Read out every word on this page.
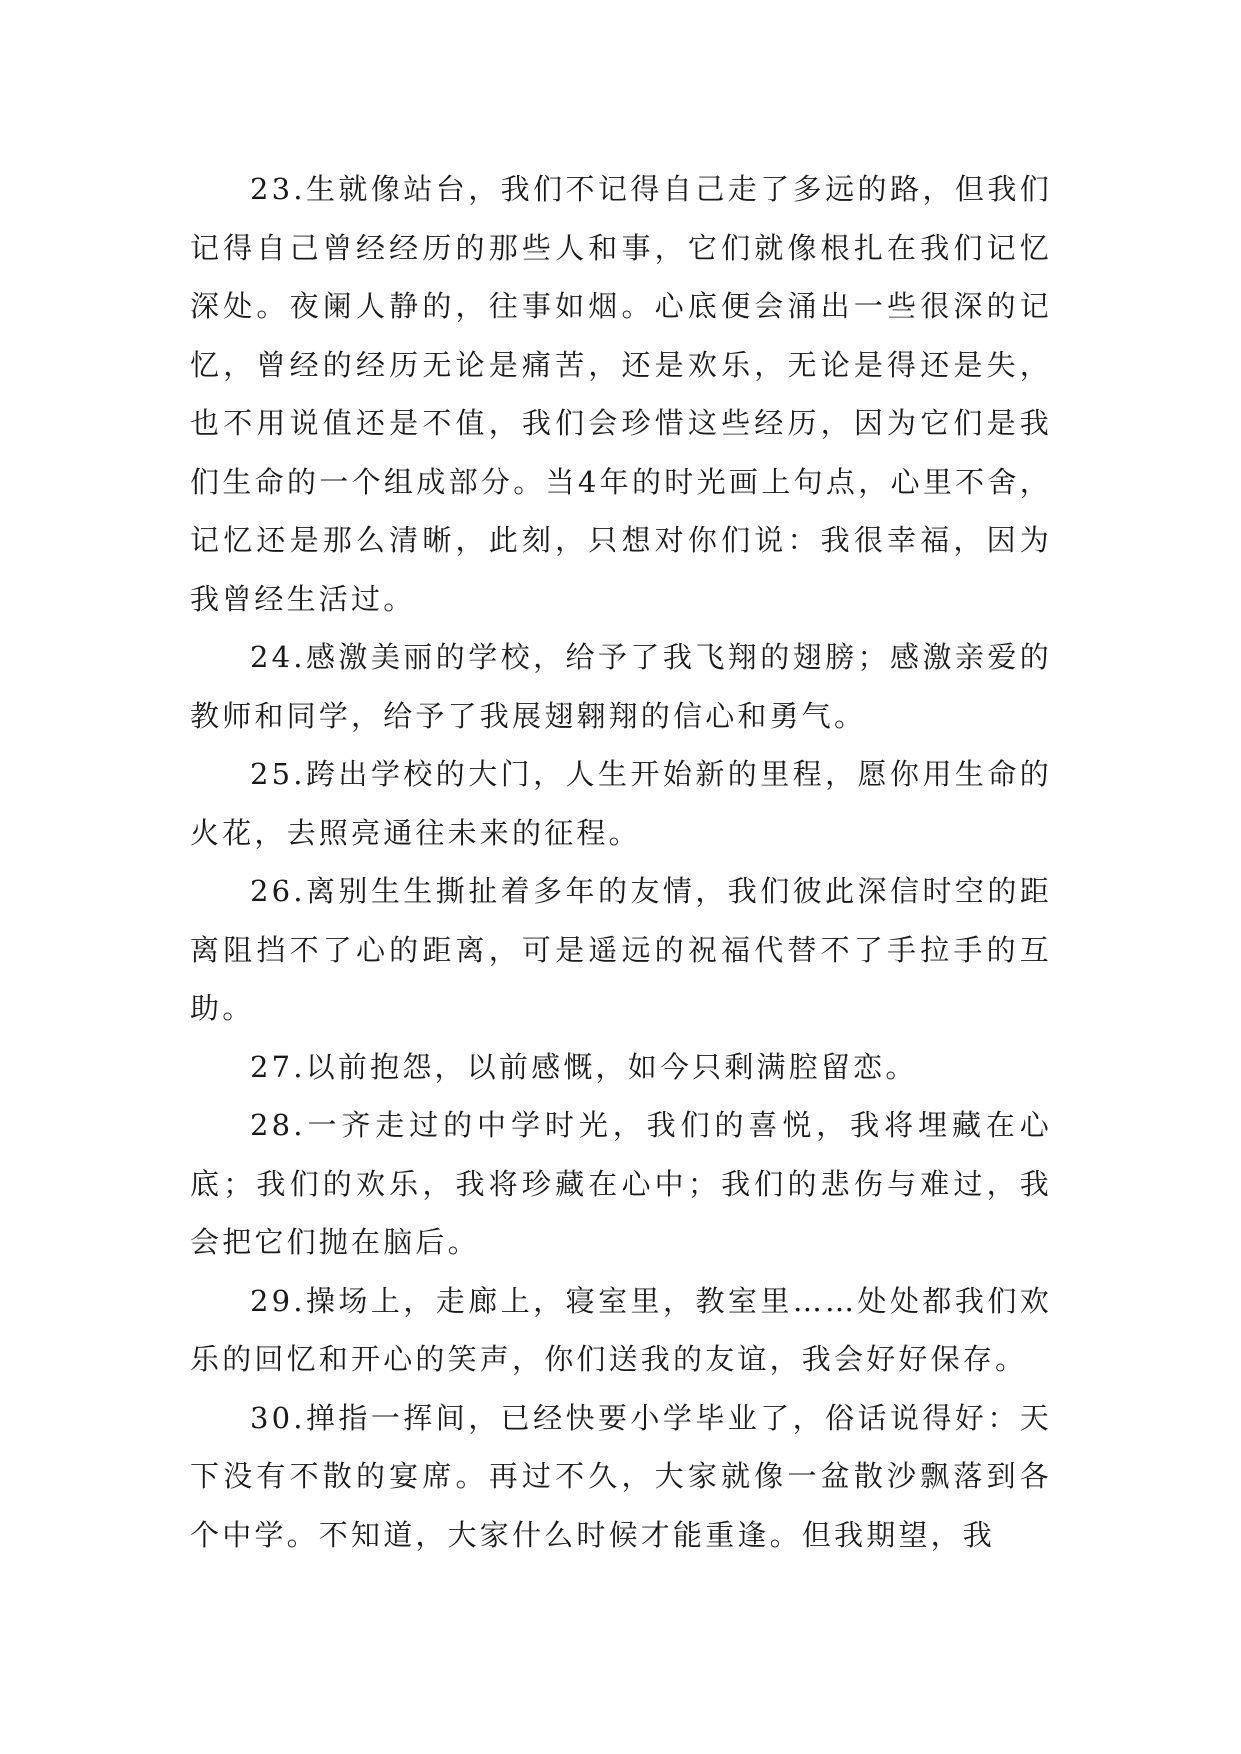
23.生就像站台，我们不记得自己走了多远的路，但我们记得自己曾经经历的那些人和事，它们就像根扎在我们记忆深处。夜阑人静的，往事如烟。心底便会涌出一些很深的记忆，曾经的经历无论是痛苦，还是欢乐，无论是得还是失，也不用说值还是不值，我们会珍惜这些经历，因为它们是我们生命的一个组成部分。当4年的时光画上句点，心里不舍，记忆还是那么清晰，此刻，只想对你们说：我很幸福，因为我曾经生活过。

24.感激美丽的学校，给予了我飞翔的翅膀；感激亲爱的教师和同学，给予了我展翅翱翔的信心和勇气。

25.跨出学校的大门，人生开始新的里程，愿你用生命的火花，去照亮通往未来的征程。

26.离别生生撕扯着多年的友情，我们彼此深信时空的距离阻挡不了心的距离，可是遥远的祝福代替不了手拉手的互助。

27.以前抱怨，以前感慨，如今只剩满腔留恋。

28.一齐走过的中学时光，我们的喜悦，我将埋藏在心底；我们的欢乐，我将珍藏在心中；我们的悲伤与难过，我会把它们抛在脑后。

29.操场上，走廊上，寝室里，教室里……处处都我们欢乐的回忆和开心的笑声，你们送我的友谊，我会好好保存。

30.掸指一挥间，已经快要小学毕业了，俗话说得好：天下没有不散的宴席。再过不久，大家就像一盆散沙飘落到各个中学。不知道，大家什么时候才能重逢。但我期望，我
